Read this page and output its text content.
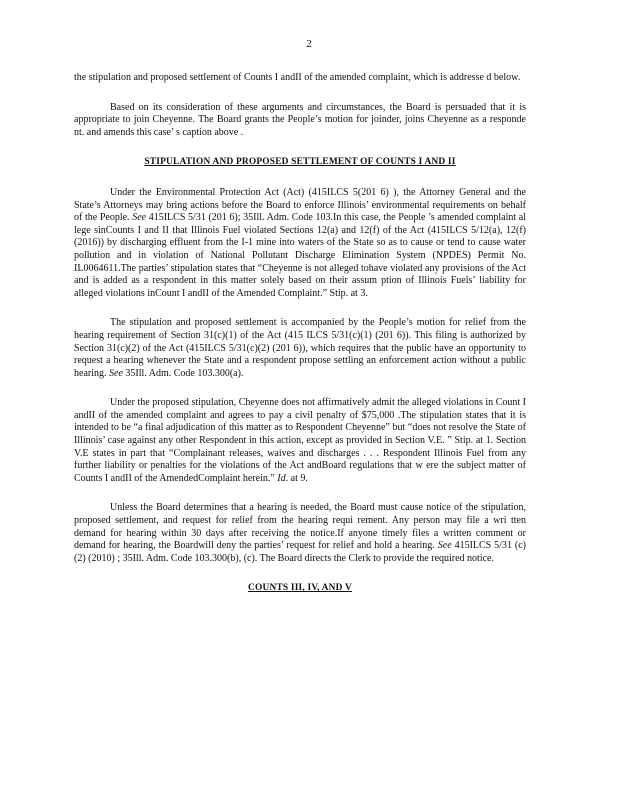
2

the stipulation and proposed settlement of Counts I andII of the amended complaint, which is addresse d below.

Based on its consideration of these arguments and circumstances, the Board is persuaded that it is appropriate to join Cheyenne. The Board grants the People’s motion for joinder, joins Cheyenne as a responde nt. and amends this case’ s caption above .

STIPULATION AND PROPOSED SETTLEMENT OF COUNTS I AND II

Under the Environmental Protection Act (Act) (415ILCS 5(201 6) ), the Attorney General and the State’s Attorneys may bring actions before the Board to enforce Illinois’ environmental requirements on behalf of the People. See 415ILCS 5/31 (201 6); 35Ill. Adm. Code 103.In this case, the People ’s amended complaint al lege sinCounts I and II that Illinois Fuel violated Sections 12(a) and 12(f) of the Act (415ILCS 5/12(a), 12(f) (2016)) by discharging effluent from the I-1 mine into waters of the State so as to cause or tend to cause water pollution and in violation of National Pollutant Discharge Elimination System (NPDES) Permit No. IL0064611.The parties’ stipulation states that “Cheyenne is not alleged tohave violated any provisions of the Act and is added as a respondent in this matter solely based on their assum ption of Illinois Fuels’ liability for alleged violations inCount I andII of the Amended Complaint.” Stip. at 3.

The stipulation and proposed settlement is accompanied by the People’s motion for relief from the hearing requirement of Section 31(c)(1) of the Act (415 ILCS 5/31(c)(1) (201 6)). This filing is authorized by Section 31(c)(2) of the Act (415ILCS 5/31(c)(2) (201 6)), which requires that the public have an opportunity to request a hearing whenever the State and a respondent propose settling an enforcement action without a public hearing. See 35Ill. Adm. Code 103.300(a).

Under the proposed stipulation, Cheyenne does not affirmatively admit the alleged violations in Count I andII of the amended complaint and agrees to pay a civil penalty of $75,000 .The stipulation states that it is intended to be “a final adjudication of this matter as to Respondent Cheyenne” but “does not resolve the State of Illinois’ case against any other Respondent in this action, except as provided in Section V.E. ” Stip. at 1. Section V.E states in part that “Complainant releases, waives and discharges . . . Respondent Illinois Fuel from any further liability or penalties for the violations of the Act andBoard regulations that w ere the subject matter of Counts I andII of the AmendedComplaint herein.” Id. at 9.

Unless the Board determines that a hearing is needed, the Board must cause notice of the stipulation, proposed settlement, and request for relief from the hearing requi rement. Any person may file a wri tten demand for hearing within 30 days after receiving the notice.If anyone timely files a written comment or demand for hearing, the Boardwill deny the parties’ request for relief and hold a hearing. See 415ILCS 5/31 (c)(2) (2010) ; 35Ill. Adm. Code 103.300(b), (c). The Board directs the Clerk to provide the required notice.

COUNTS III, IV, AND V
